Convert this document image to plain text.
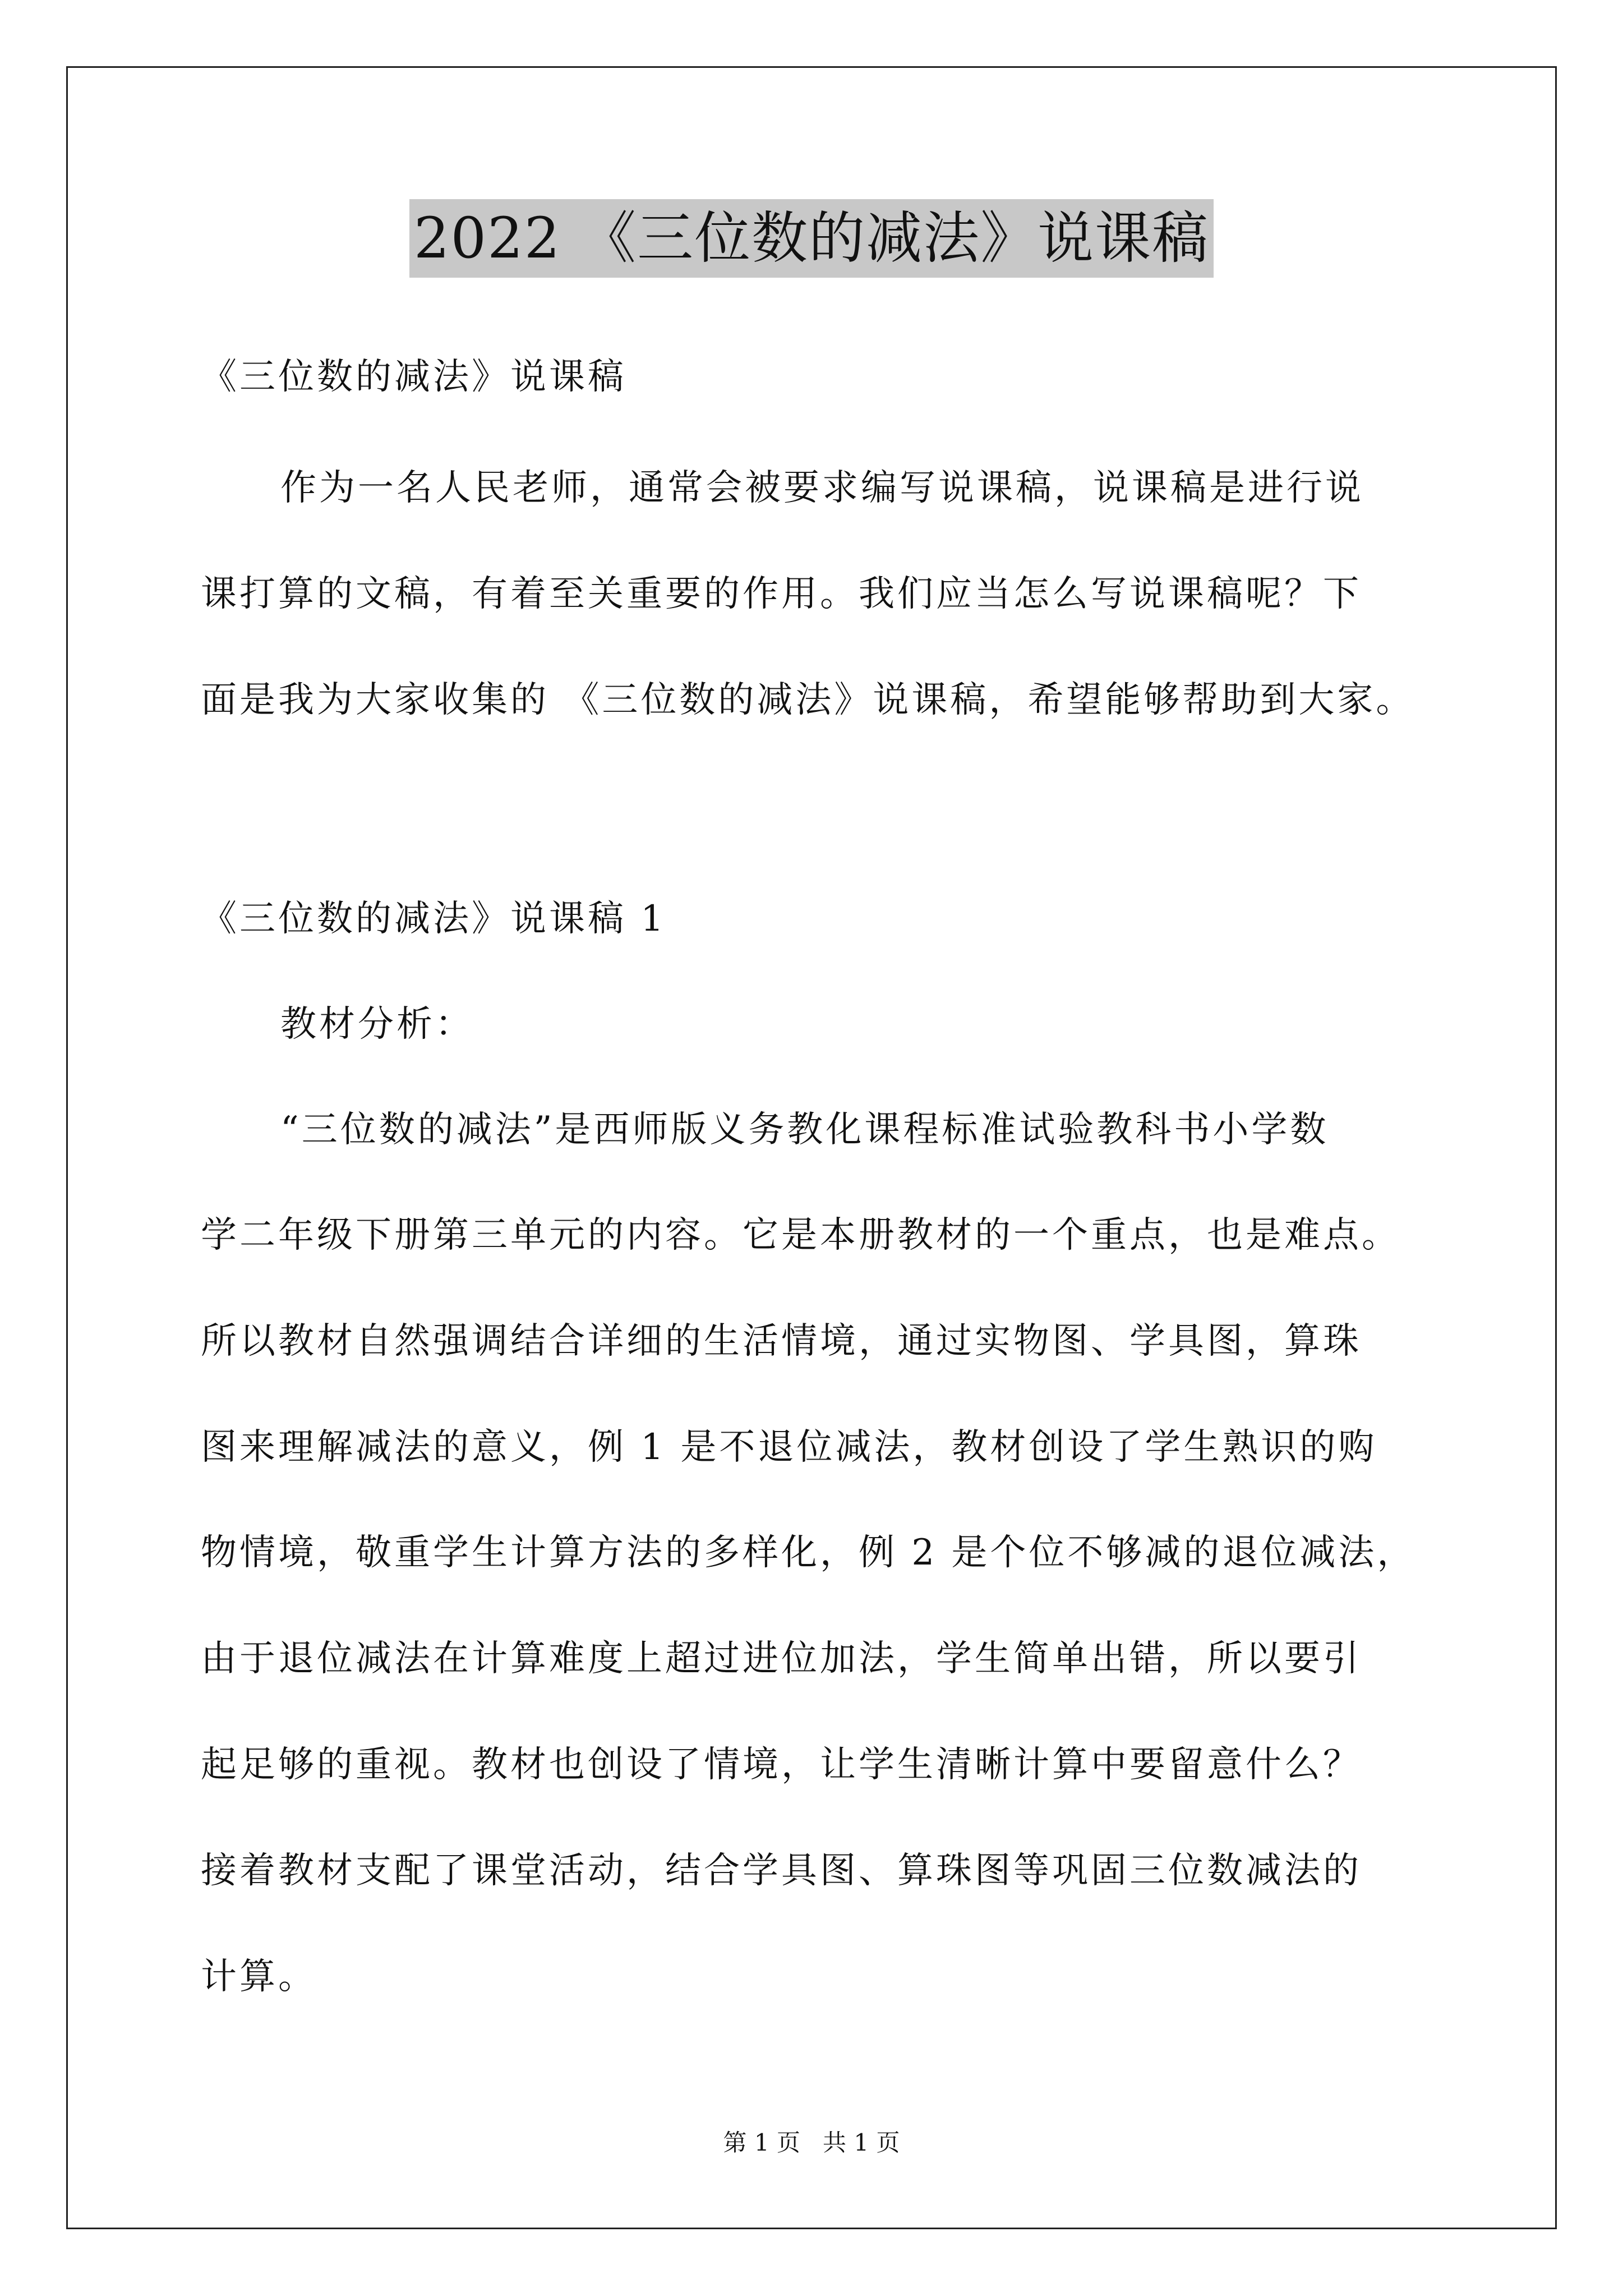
2022 《三位数的减法》说课稿
《三位数的减法》说课稿
作为一名人民老师，通常会被要求编写说课稿，说课稿是进行说
课打算的文稿，有着至关重要的作用。我们应当怎么写说课稿呢？下
面是我为大家收集的 《三位数的减法》说课稿，希望能够帮助到大家。
《三位数的减法》说课稿 1
教材分析：
“三位数的减法”是西师版义务教化课程标准试验教科书小学数
学二年级下册第三单元的内容。它是本册教材的一个重点，也是难点。
所以教材自然强调结合详细的生活情境，通过实物图、学具图，算珠
图来理解减法的意义，例 1 是不退位减法，教材创设了学生熟识的购
物情境，敬重学生计算方法的多样化，例 2 是个位不够减的退位减法，
由于退位减法在计算难度上超过进位加法，学生简单出错，所以要引
起足够的重视。教材也创设了情境，让学生清晰计算中要留意什么？
接着教材支配了课堂活动，结合学具图、算珠图等巩固三位数减法的
计算。
第 1 页   共 1 页
